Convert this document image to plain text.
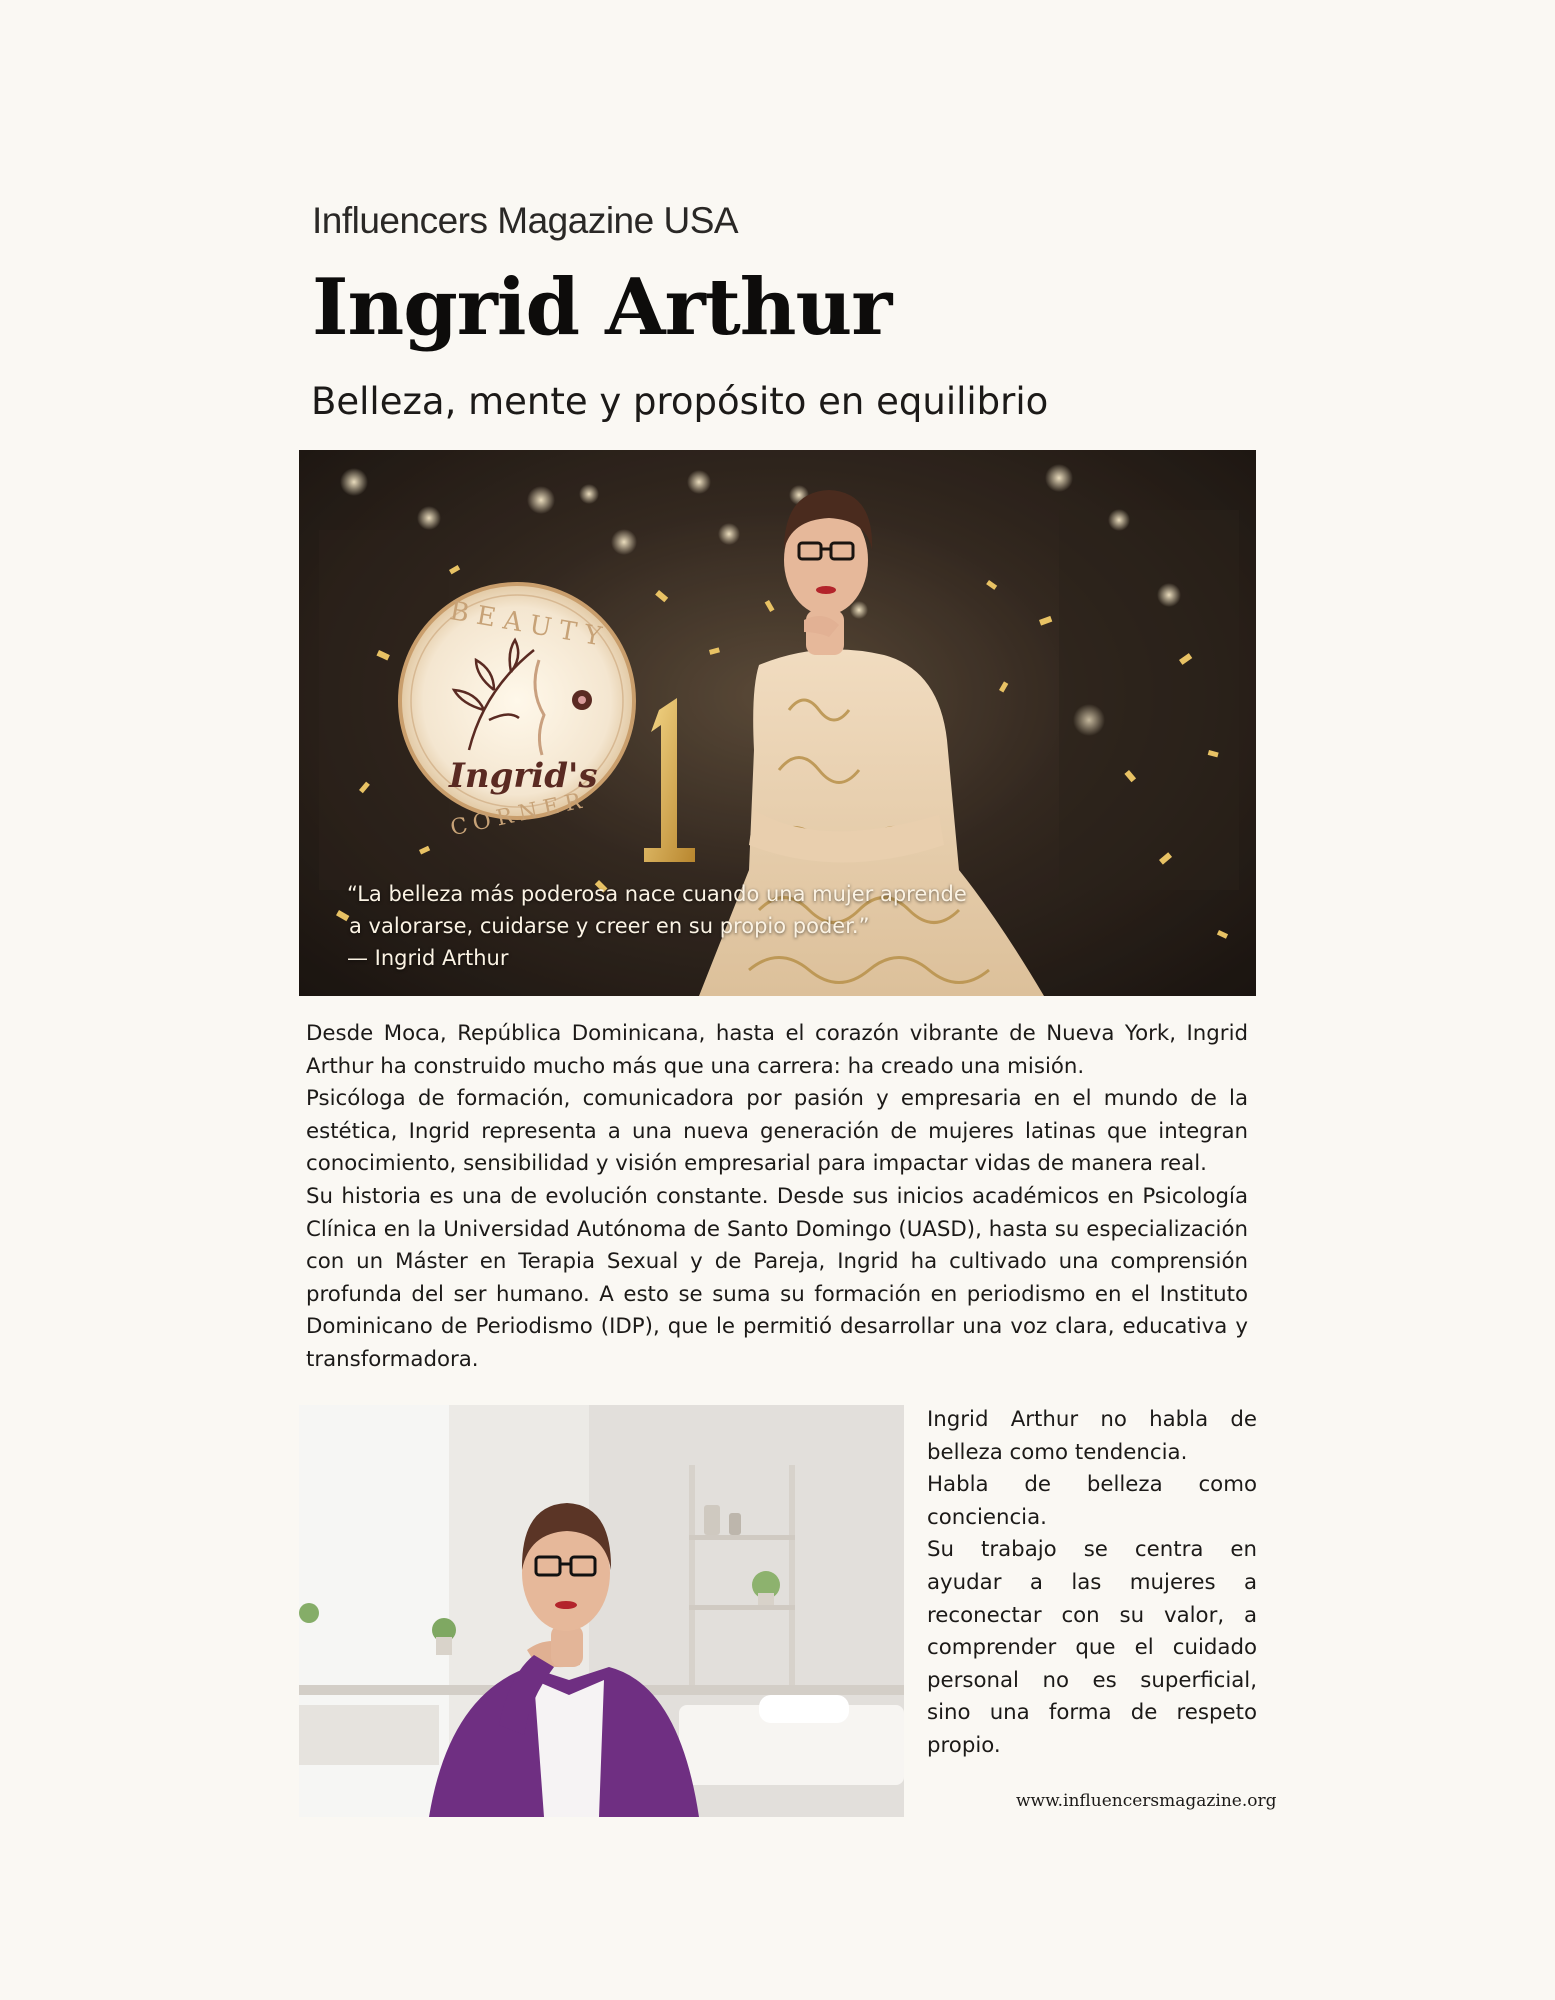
Influencers Magazine USA
Ingrid Arthur
Belleza, mente y propósito en equilibrio
BEAUTY
Ingrid's
CORNER
“La belleza más poderosa nace cuando una mujer aprende
a valorarse, cuidarse y creer en su propio poder.”
— Ingrid Arthur

Desde Moca, República Dominicana, hasta el corazón vibrante de Nueva York, Ingrid Arthur ha construido mucho más que una carrera: ha creado una misión.

Psicóloga de formación, comunicadora por pasión y empresaria en el mundo de la estética, Ingrid representa a una nueva generación de mujeres latinas que integran conocimiento, sensibilidad y visión empresarial para impactar vidas de manera real.

Su historia es una de evolución constante. Desde sus inicios académicos en Psicología Clínica en la Universidad Autónoma de Santo Domingo (UASD), hasta su especialización con un Máster en Terapia Sexual y de Pareja, Ingrid ha cultivado una comprensión profunda del ser humano. A esto se suma su formación en periodismo en el Instituto Dominicano de Periodismo (IDP), que le permitió desarrollar una voz clara, educativa y transformadora.

Ingrid Arthur no habla de belleza como tendencia.

Habla de belleza como conciencia.

Su trabajo se centra en ayudar a las mujeres a reconectar con su valor, a comprender que el cuidado personal no es superficial, sino una forma de respeto propio.

www.influencersmagazine.org
